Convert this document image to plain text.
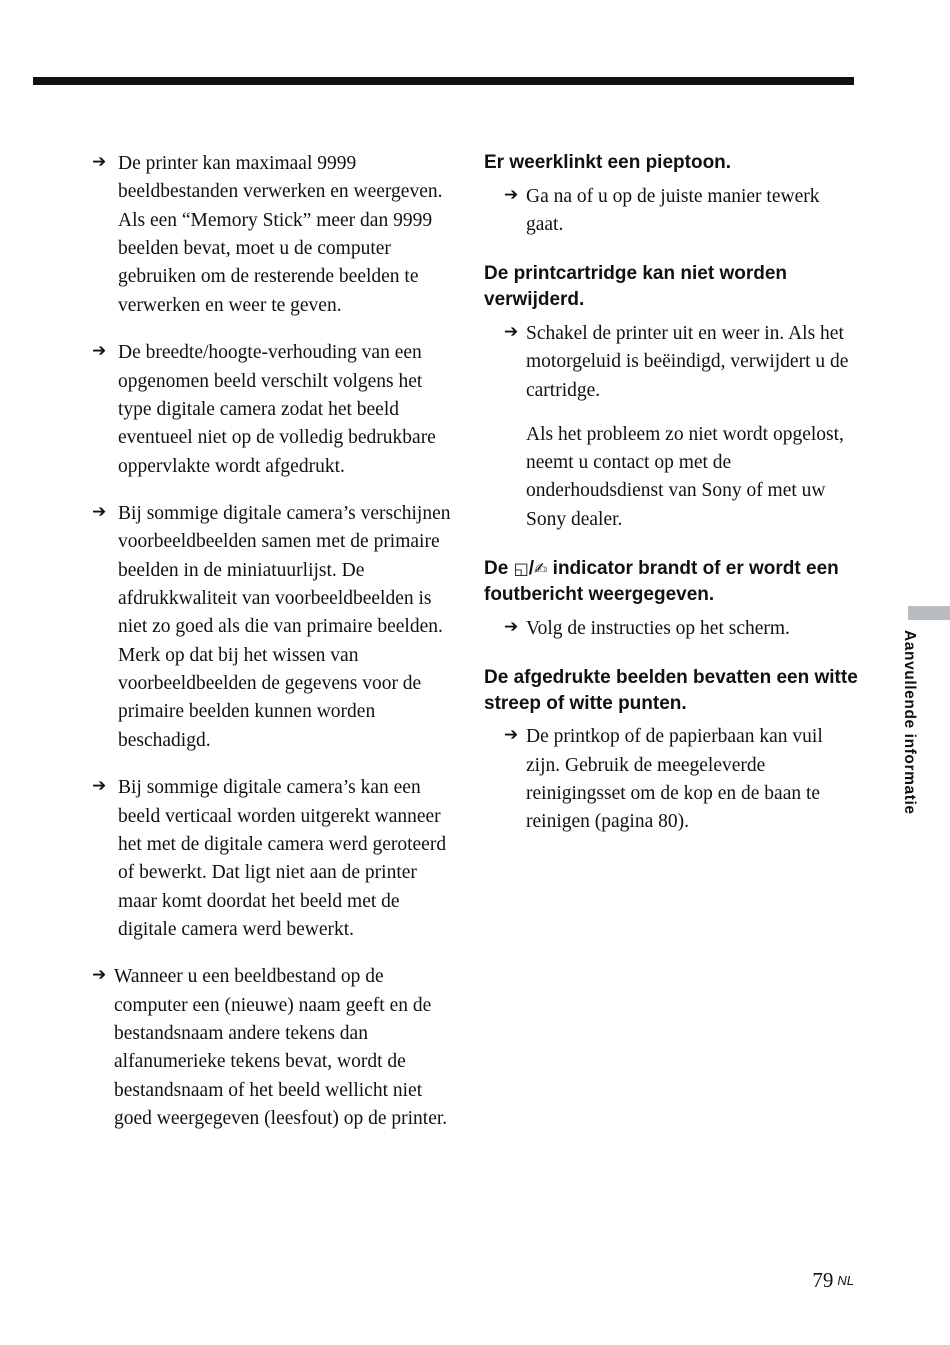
Aanvullende informatie
➔ De printer kan maximaal 9999 beeldbestanden verwerken en weergeven. Als een “Memory Stick” meer dan 9999 beelden bevat, moet u de computer gebruiken om de resterende beelden te verwerken en weer te geven.
➔ De breedte/hoogte-verhouding van een opgenomen beeld verschilt volgens het type digitale camera zodat het beeld eventueel niet op de volledig bedrukbare oppervlakte wordt afgedrukt.
➔ Bij sommige digitale camera’s verschijnen voorbeeldbeelden samen met de primaire beelden in de miniatuurlijst. De afdrukkwaliteit van voorbeeldbeelden is niet zo goed als die van primaire beelden. Merk op dat bij het wissen van voorbeeldbeelden de gegevens voor de primaire beelden kunnen worden beschadigd.
➔ Bij sommige digitale camera’s kan een beeld verticaal worden uitgerekt wanneer het met de digitale camera werd geroteerd of bewerkt. Dat ligt niet aan de printer maar komt doordat het beeld met de digitale camera werd bewerkt.
➔ Wanneer u een beeldbestand op de computer een (nieuwe) naam geeft en de bestandsnaam andere tekens dan alfanumerieke tekens bevat, wordt de bestandsnaam of het beeld wellicht niet goed weergegeven (leesfout) op de printer.
Er weerklinkt een pieptoon.
➔ Ga na of u op de juiste manier tewerk gaat.
De printcartridge kan niet worden verwijderd.
➔ Schakel de printer uit en weer in. Als het motorgeluid is beëindigd, verwijdert u de cartridge.
Als het probleem zo niet wordt opgelost, neemt u contact op met de onderhoudsdienst van Sony of met uw Sony dealer.
De ◱/✍ indicator brandt of er wordt een foutbericht weergegeven.
➔ Volg de instructies op het scherm.
De afgedrukte beelden bevatten een witte streep of witte punten.
➔ De printkop of de papierbaan kan vuil zijn. Gebruik de meegeleverde reinigingsset om de kop en de baan te reinigen (pagina 80).
79 NL
